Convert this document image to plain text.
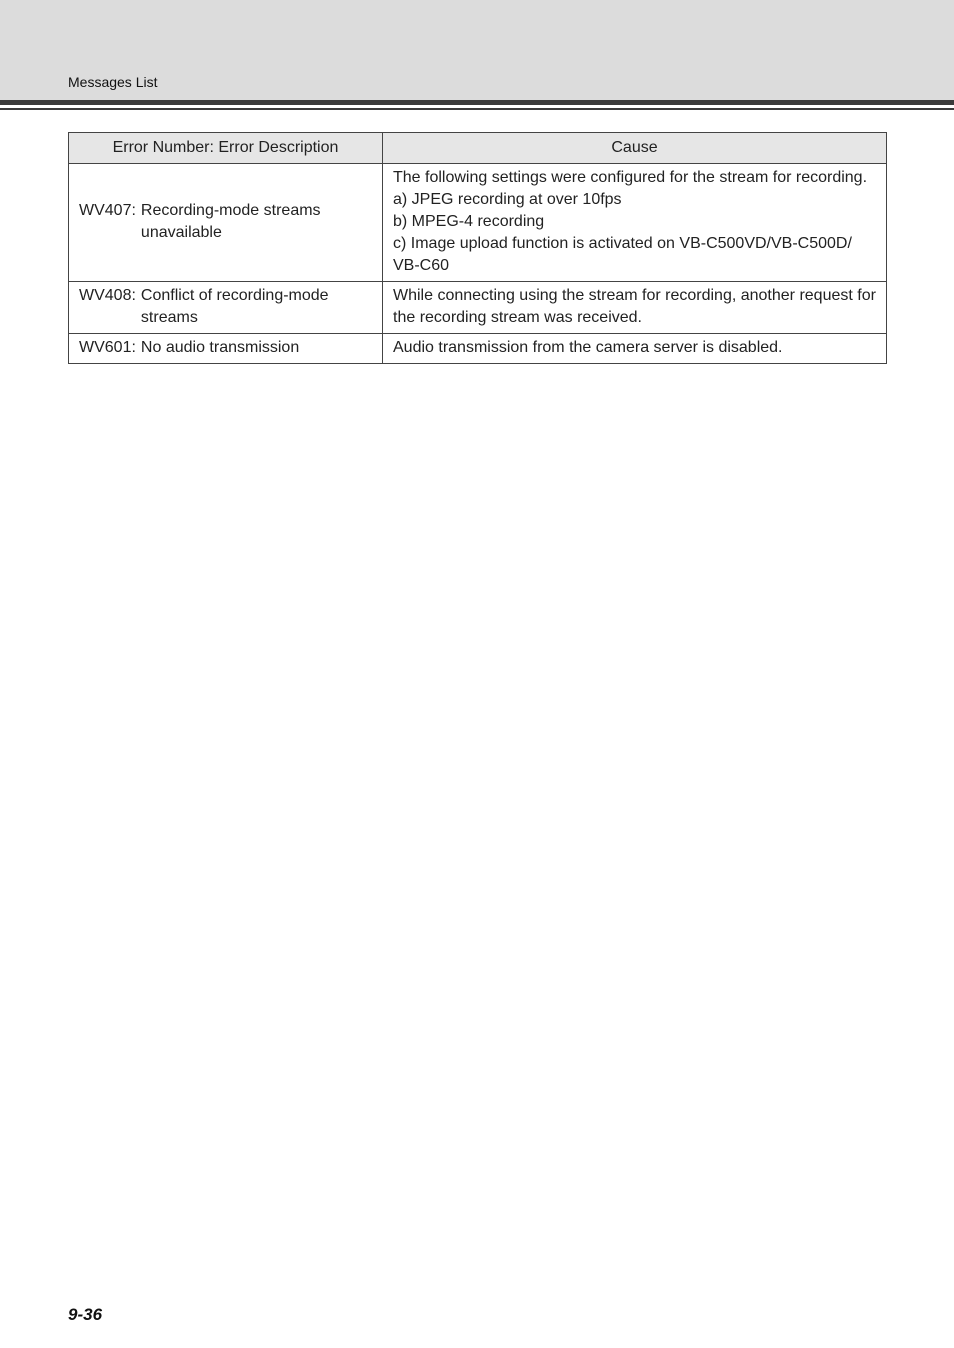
Messages List
Error Number: Error Description	Cause

WV407: Recording-mode streams unavailable	The following settings were configured for the stream for recording.
a) JPEG recording at over 10fps
b) MPEG-4 recording
c) Image upload function is activated on VB-C500VD/VB-C500D/ VB-C60

WV408: Conflict of recording-mode streams	While connecting using the stream for recording, another request for the recording stream was received.

WV601: No audio transmission	Audio transmission from the camera server is disabled.
9-36
